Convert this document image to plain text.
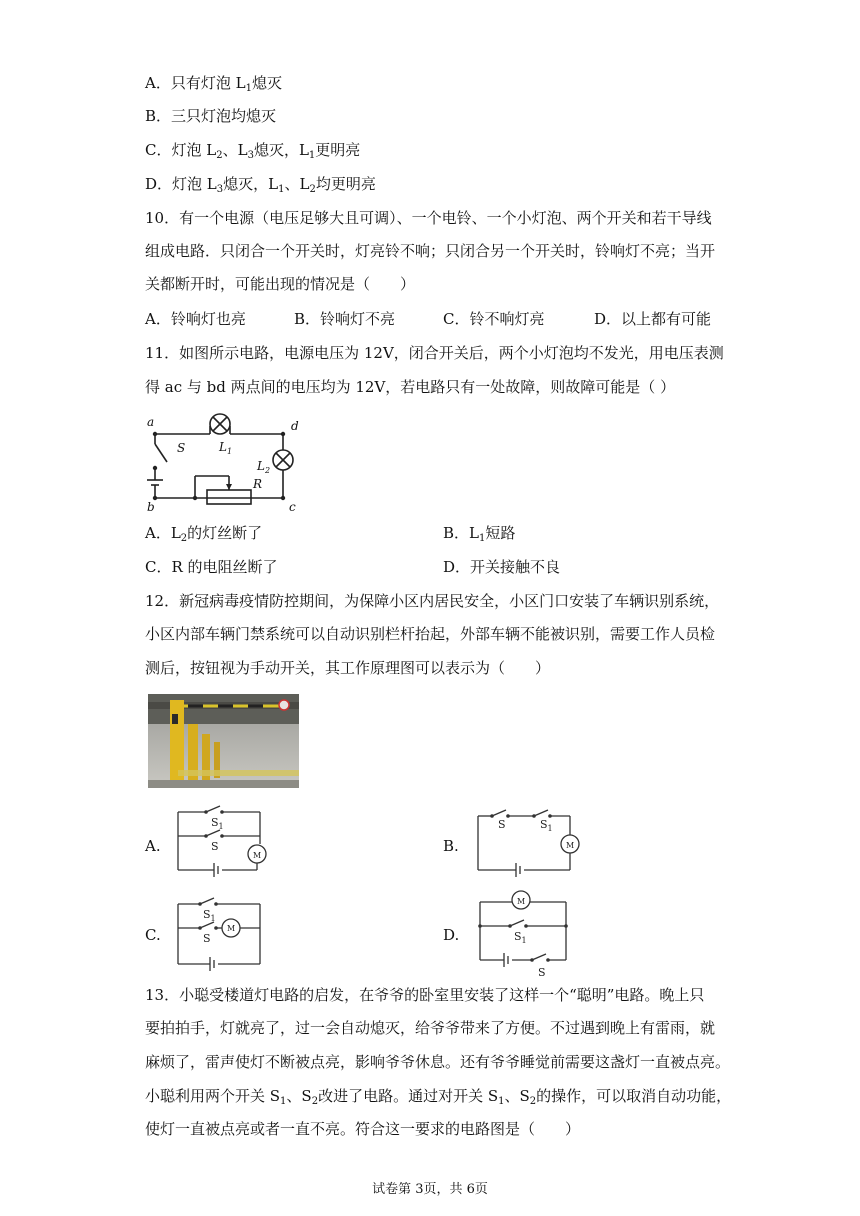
A．只有灯泡 $L_1$熄灭
B．三只灯泡均熄灭
C．灯泡 $L_2$、$L_3$熄灭，$L_1$更明亮
D．灯泡 $L_3$熄灭，$L_1$、$L_2$均更明亮
10．有一个电源（电压足够大且可调）、一个电铃、一个小灯泡、两个开关和若干导线
组成电路．只闭合一个开关时，灯亮铃不响；只闭合另一个开关时，铃响灯不亮；当开
关都断开时，可能出现的情况是（　　）
A．铃响灯也亮	B．铃响灯不亮	C．铃不响灯亮	D．以上都有可能
11．如图所示电路，电源电压为 12V，闭合开关后，两个小灯泡均不发光，用电压表测
得 ac 与 bd 两点间的电压均为 12V，若电路只有一处故障，则故障可能是（ ）
a
b	c
d
S	$L_1$
$L_2$
R
A．$L_2$的灯丝断了	B．$L_1$短路
C．R 的电阻丝断了	D．开关接触不良
12．新冠病毒疫情防控期间，为保障小区内居民安全，小区门口安装了车辆识别系统，
小区内部车辆门禁系统可以自动识别栏杆抬起，外部车辆不能被识别，需要工作人员检
测后，按钮视为手动开关，其工作原理图可以表示为（　　）
A.	B.
C.	D.
$S_1$
S
M
S	$S_1$
M
$S_1$
S
M
M
$S_1$
S
13．小聪受楼道灯电路的启发，在爷爷的卧室里安装了这样一个“聪明”电路。晚上只
要拍拍手，灯就亮了，过一会自动熄灭，给爷爷带来了方便。不过遇到晚上有雷雨，就
麻烦了，雷声使灯不断被点亮，影响爷爷休息。还有爷爷睡觉前需要这盏灯一直被点亮。
小聪利用两个开关 $S_1$、$S_2$改进了电路。通过对开关 $S_1$、$S_2$的操作，可以取消自动功能，
使灯一直被点亮或者一直不亮。符合这一要求的电路图是（　　）
试卷第 3页，共 6页
